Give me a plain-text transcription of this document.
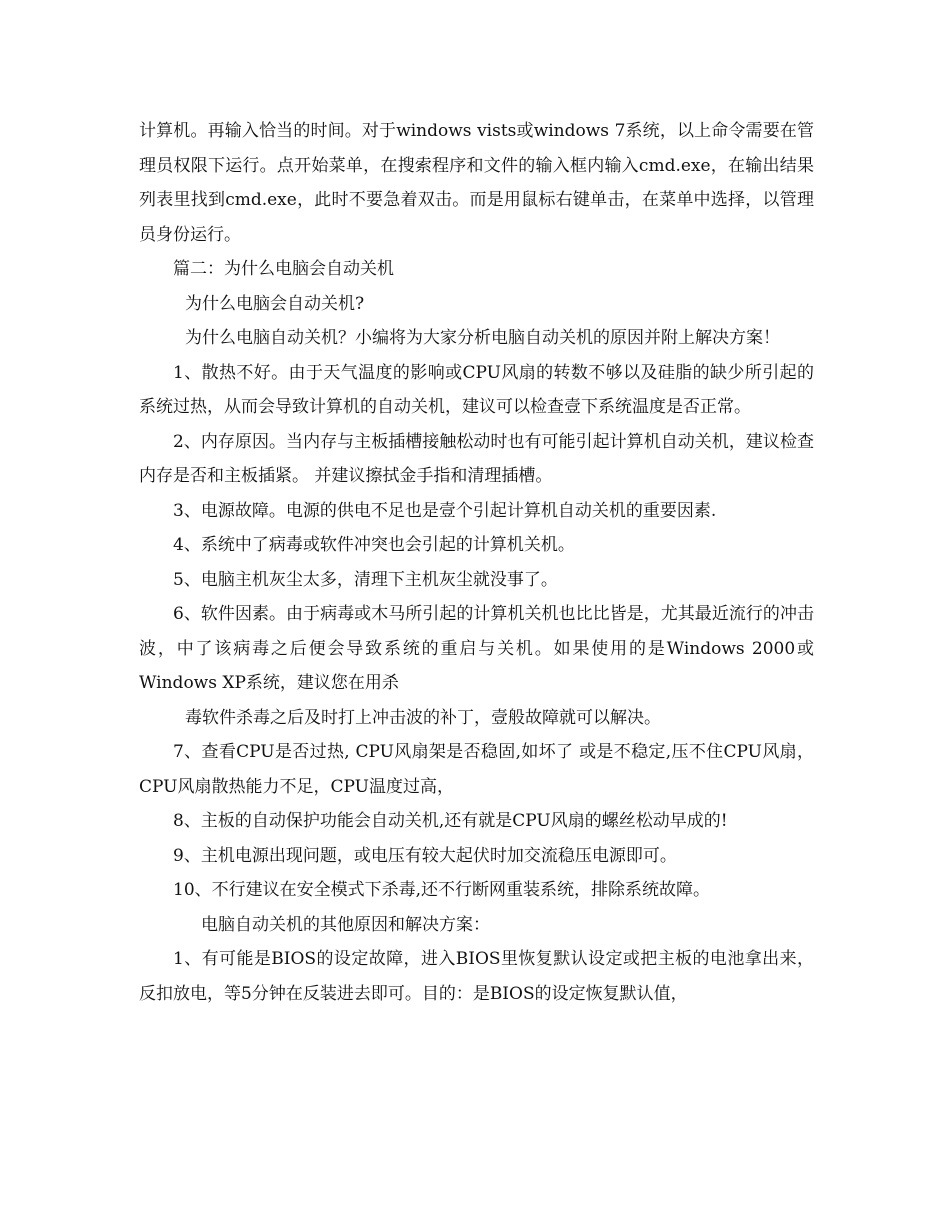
计算机。再输入恰当的时间。对于windows vists或windows 7系统，以上命令需要在管理员权限下运行。点开始菜单，在搜索程序和文件的输入框内输入cmd.exe，在输出结果列表里找到cmd.exe，此时不要急着双击。而是用鼠标右键单击，在菜单中选择，以管理员身份运行。

篇二：为什么电脑会自动关机

为什么电脑会自动关机?

为什么电脑自动关机？小编将为大家分析电脑自动关机的原因并附上解决方案！

1、散热不好。由于天气温度的影响或CPU风扇的转数不够以及硅脂的缺少所引起的系统过热，从而会导致计算机的自动关机，建议可以检查壹下系统温度是否正常。

2、内存原因。当内存与主板插槽接触松动时也有可能引起计算机自动关机，建议检查内存是否和主板插紧。 并建议擦拭金手指和清理插槽。

3、电源故障。电源的供电不足也是壹个引起计算机自动关机的重要因素.

4、系统中了病毒或软件冲突也会引起的计算机关机。

5、电脑主机灰尘太多，清理下主机灰尘就没事了。

6、软件因素。由于病毒或木马所引起的计算机关机也比比皆是，尤其最近流行的冲击波，中了该病毒之后便会导致系统的重启与关机。如果使用的是Windows 2000或Windows XP系统，建议您在用杀

毒软件杀毒之后及时打上冲击波的补丁，壹般故障就可以解决。

7、查看CPU是否过热, CPU风扇架是否稳固,如坏了 或是不稳定,压不住CPU风扇，CPU风扇散热能力不足，CPU温度过高，

8、主板的自动保护功能会自动关机,还有就是CPU风扇的螺丝松动早成的!

9、主机电源出现问题，或电压有较大起伏时加交流稳压电源即可。

10、不行建议在安全模式下杀毒,还不行断网重装系统，排除系统故障。

电脑自动关机的其他原因和解决方案：

1、有可能是BIOS的设定故障，进入BIOS里恢复默认设定或把主板的电池拿出来，反扣放电，等5分钟在反装进去即可。目的：是BIOS的设定恢复默认值，
